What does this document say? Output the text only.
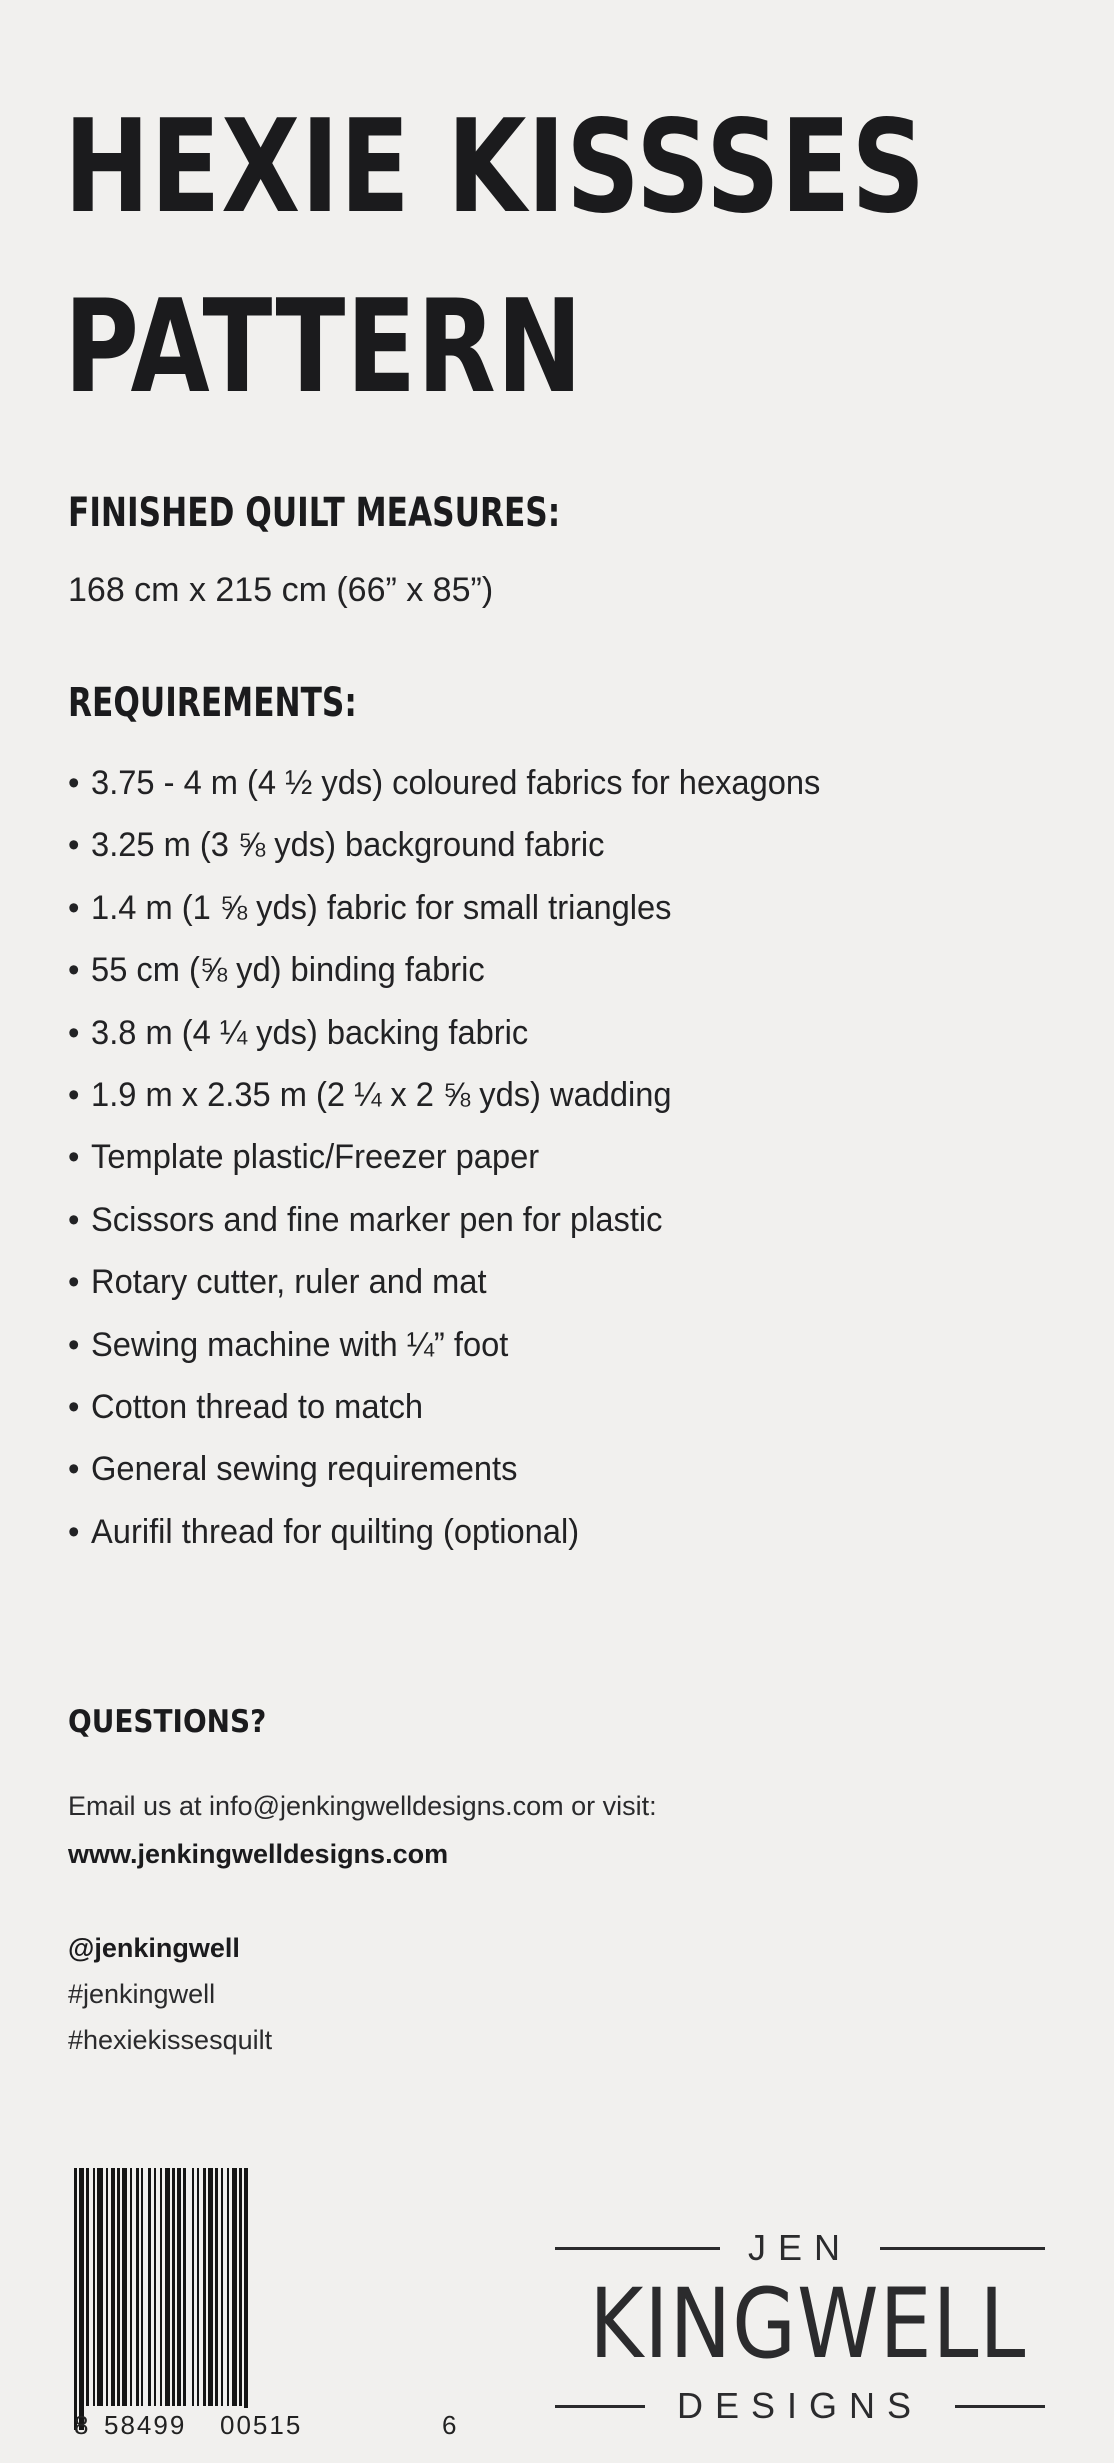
HEXIE KISSSES
PATTERN
FINISHED QUILT MEASURES:
168 cm x 215 cm (66” x 85”)
REQUIREMENTS:
• 3.75 - 4 m (4 ½ yds) coloured fabrics for hexagons
• 3.25 m (3 ⅝ yds) background fabric
• 1.4 m (1 ⅝ yds) fabric for small triangles
• 55 cm (⅝ yd) binding fabric
• 3.8 m (4 ¼ yds) backing fabric
• 1.9 m x 2.35 m (2 ¼ x 2 ⅝ yds) wadding
• Template plastic/Freezer paper
• Scissors and fine marker pen for plastic
• Rotary cutter, ruler and mat
• Sewing machine with ¼” foot
• Cotton thread to match
• General sewing requirements
• Aurifil thread for quilting (optional)
QUESTIONS?
Email us at info@jenkingwelldesigns.com or visit:
www.jenkingwelldesigns.com
@jenkingwell
#jenkingwell
#hexiekissesquilt
8 58499 00515	6
JEN
KINGWELL
DESIGNS
